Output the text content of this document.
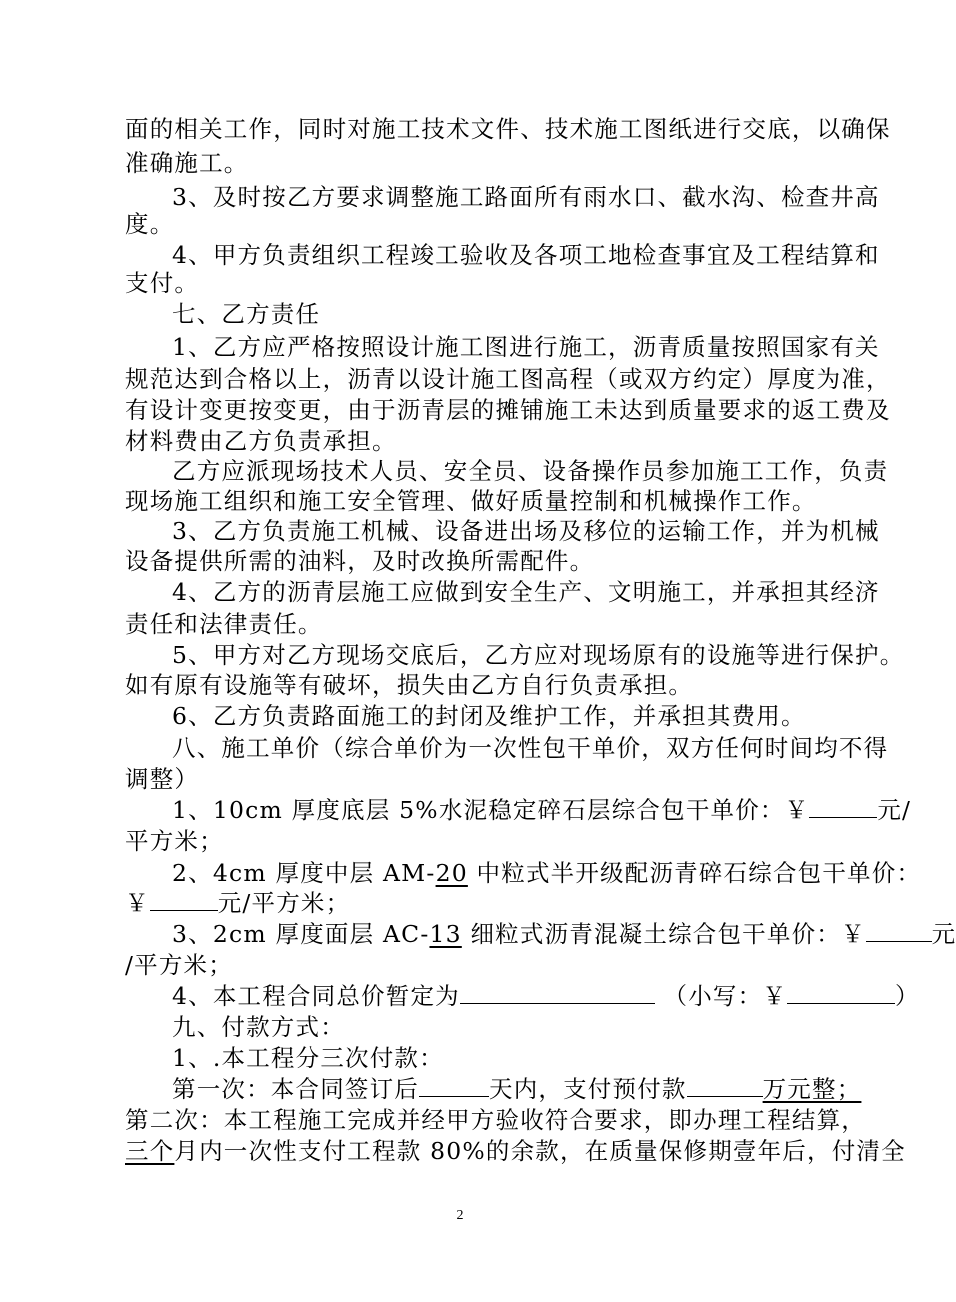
面的相关工作，同时对施工技术文件、技术施工图纸进行交底，以确保
准确施工。
3、及时按乙方要求调整施工路面所有雨水口、截水沟、检查井高
度。
4、甲方负责组织工程竣工验收及各项工地检查事宜及工程结算和
支付。
七、乙方责任
1、乙方应严格按照设计施工图进行施工，沥青质量按照国家有关
规范达到合格以上，沥青以设计施工图高程（或双方约定）厚度为准，
有设计变更按变更，由于沥青层的摊铺施工未达到质量要求的返工费及
材料费由乙方负责承担。
乙方应派现场技术人员、安全员、设备操作员参加施工工作，负责
现场施工组织和施工安全管理、做好质量控制和机械操作工作。
3、乙方负责施工机械、设备进出场及移位的运输工作，并为机械
设备提供所需的油料，及时改换所需配件。
4、乙方的沥青层施工应做到安全生产、文明施工，并承担其经济
责任和法律责任。
5、甲方对乙方现场交底后，乙方应对现场原有的设施等进行保护。
如有原有设施等有破坏，损失由乙方自行负责承担。
6、乙方负责路面施工的封闭及维护工作，并承担其费用。
八、施工单价（综合单价为一次性包干单价，双方任何时间均不得
调整）
1、10cm 厚度底层 5%水泥稳定碎石层综合包干单价：￥	元/
平方米；
2、4cm 厚度中层 AM-20 中粒式半开级配沥青碎石综合包干单价：
￥	元/平方米；
3、2cm 厚度面层 AC-13 细粒式沥青混凝土综合包干单价：￥	元
/平方米；
4、本工程合同总价暂定为	（小写：￥	）
九、付款方式：
1、.本工程分三次付款：
第一次：本合同签订后	天内，支付预付款	万元整；
第二次：本工程施工完成并经甲方验收符合要求，即办理工程结算，
三个月内一次性支付工程款 80%的余款，在质量保修期壹年后，付清全
2
